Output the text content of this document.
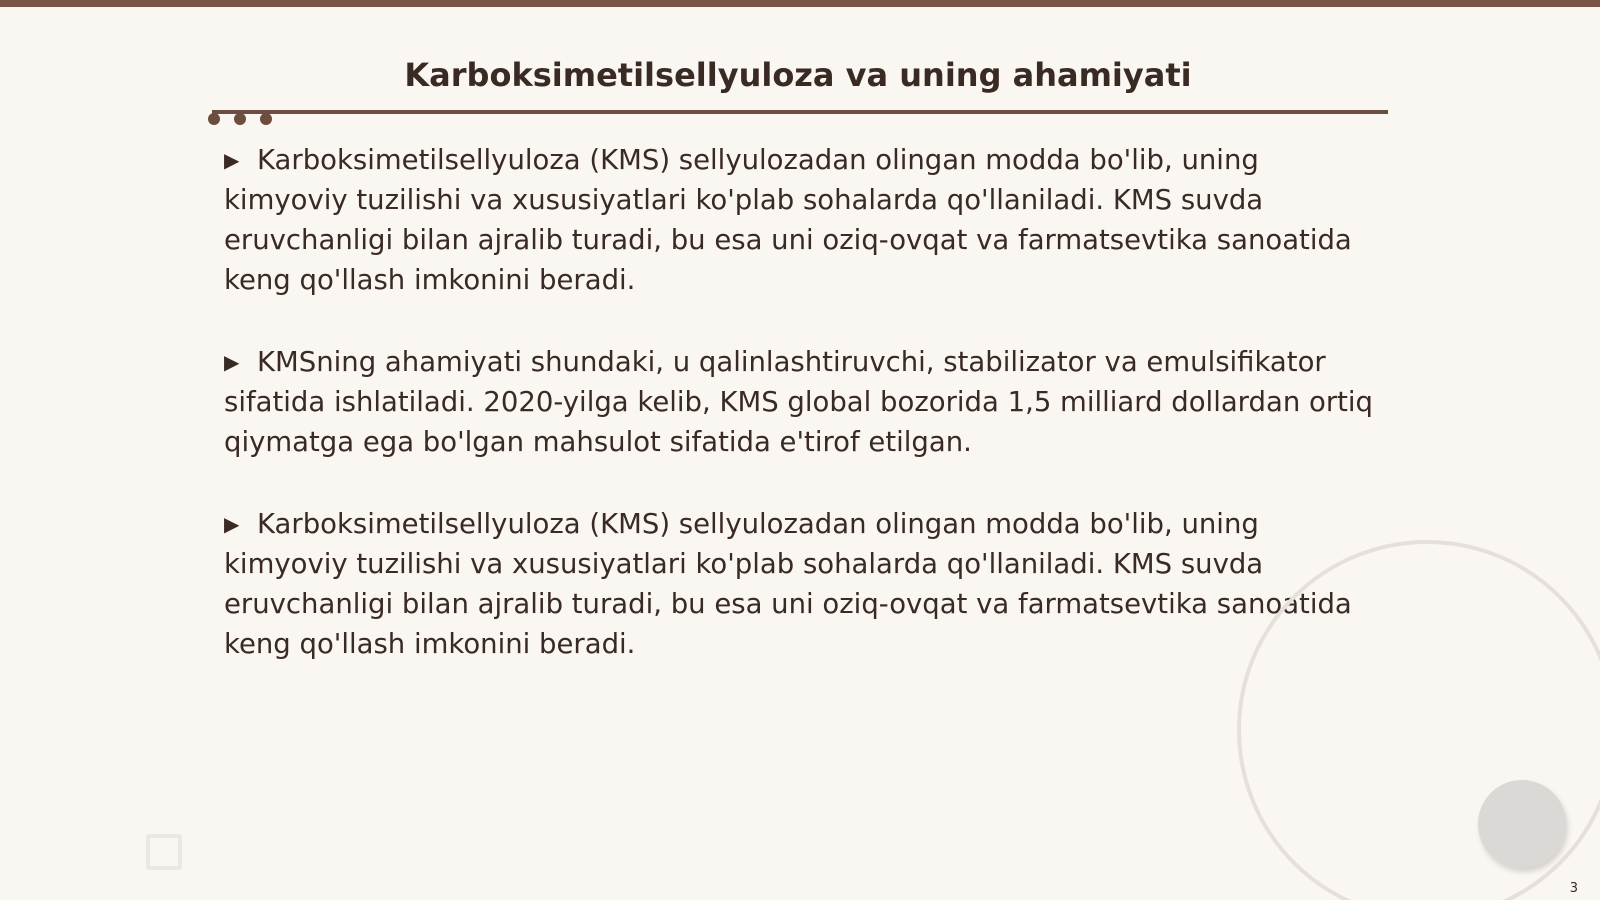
Karboksimetilsellyuloza va uning ahamiyati

▶ Karboksimetilsellyuloza (KMS) sellyulozadan olingan modda bo'lib, uning kimyoviy tuzilishi va xususiyatlari ko'plab sohalarda qo'llaniladi. KMS suvda eruvchanligi bilan ajralib turadi, bu esa uni oziq-ovqat va farmatsevtika sanoatida keng qo'llash imkonini beradi.

▶ KMSning ahamiyati shundaki, u qalinlashtiruvchi, stabilizator va emulsifikator sifatida ishlatiladi. 2020-yilga kelib, KMS global bozorida 1,5 milliard dollardan ortiq qiymatga ega bo'lgan mahsulot sifatida e'tirof etilgan.

▶ Karboksimetilsellyuloza (KMS) sellyulozadan olingan modda bo'lib, uning kimyoviy tuzilishi va xususiyatlari ko'plab sohalarda qo'llaniladi. KMS suvda eruvchanligi bilan ajralib turadi, bu esa uni oziq-ovqat va farmatsevtika sanoatida keng qo'llash imkonini beradi.

3
